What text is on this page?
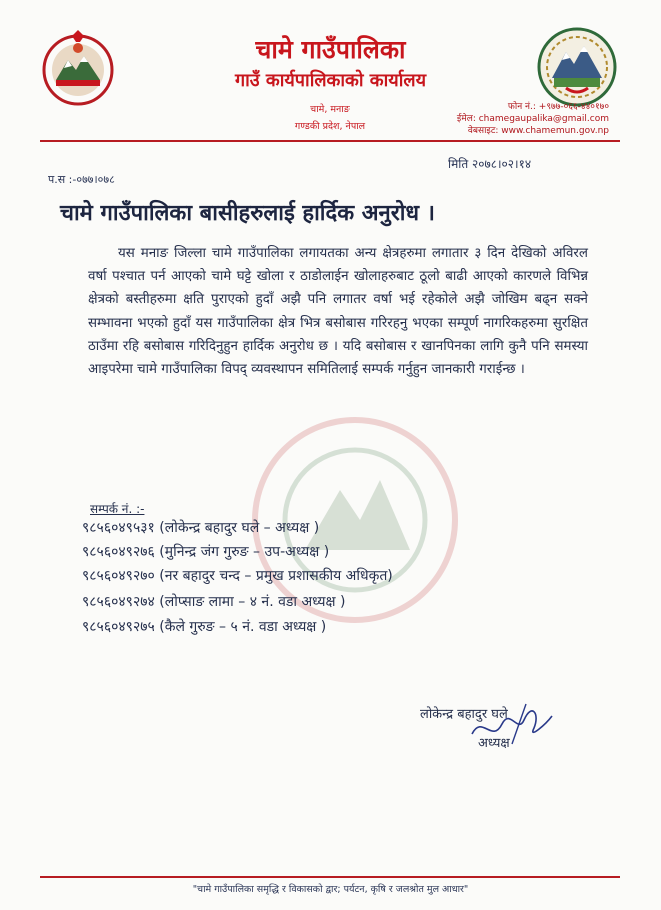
चामे गाउँपालिका
गाउँ कार्यपालिकाको कार्यालय
चामे, मनाङ
गण्डकी प्रदेश, नेपाल
फोन नं.: +९७७-०६६-४४०१७०
ईमेल: chamegaupalika@gmail.com
वेबसाइट: www.chamemun.gov.np
मिति २०७८।०२।१४
प.स :-०७७।०७८
चामे गाउँपालिका बासीहरुलाई हार्दिक अनुरोध ।
यस मनाङ जिल्ला चामे गाउँपालिका लगायतका अन्य क्षेत्रहरुमा लगातार ३ दिन देखिको अविरल वर्षा पश्चात पर्न आएको चामे घट्टे खोला र ठाडोलाईन खोलाहरुबाट ठूलो बाढी आएको कारणले विभिन्न क्षेत्रको बस्तीहरुमा क्षति पुराएको हुदाँ अझै पनि लगातर वर्षा भई रहेकोले अझै जोखिम बढ्न सक्ने सम्भावना भएको हुदाँ यस गाउँपालिका क्षेत्र भित्र बसोबास गरिरहनु भएका सम्पूर्ण नागरिकहरुमा सुरक्षित ठाउँमा रहि बसोबास गरिदिनुहुन हार्दिक अनुरोध छ । यदि बसोबास र खानपिनका लागि कुनै पनि समस्या आइपरेमा चामे गाउँपालिका विपद् व्यवस्थापन समितिलाई सम्पर्क गर्नुहुन जानकारी गराईन्छ ।
सम्पर्क नं. :-
९८५६०४९५३१ (लोकेन्द्र बहादुर घले – अध्यक्ष )
९८५६०४९२७६ (मुनिन्द्र जंग गुरुङ – उप-अध्यक्ष )
९८५६०४९२७० (नर बहादुर चन्द – प्रमुख प्रशासकीय अधिकृत)
९८५६०४९२७४ (लोप्साङ लामा – ४ नं. वडा अध्यक्ष )
९८५६०४९२७५ (कैले गुरुङ – ५ नं. वडा अध्यक्ष )
लोकेन्द्र बहादुर घले
अध्यक्ष
"चामे गाउँपालिका समृद्धि र विकासको द्वार; पर्यटन, कृषि र जलश्रोत मुल आधार"
